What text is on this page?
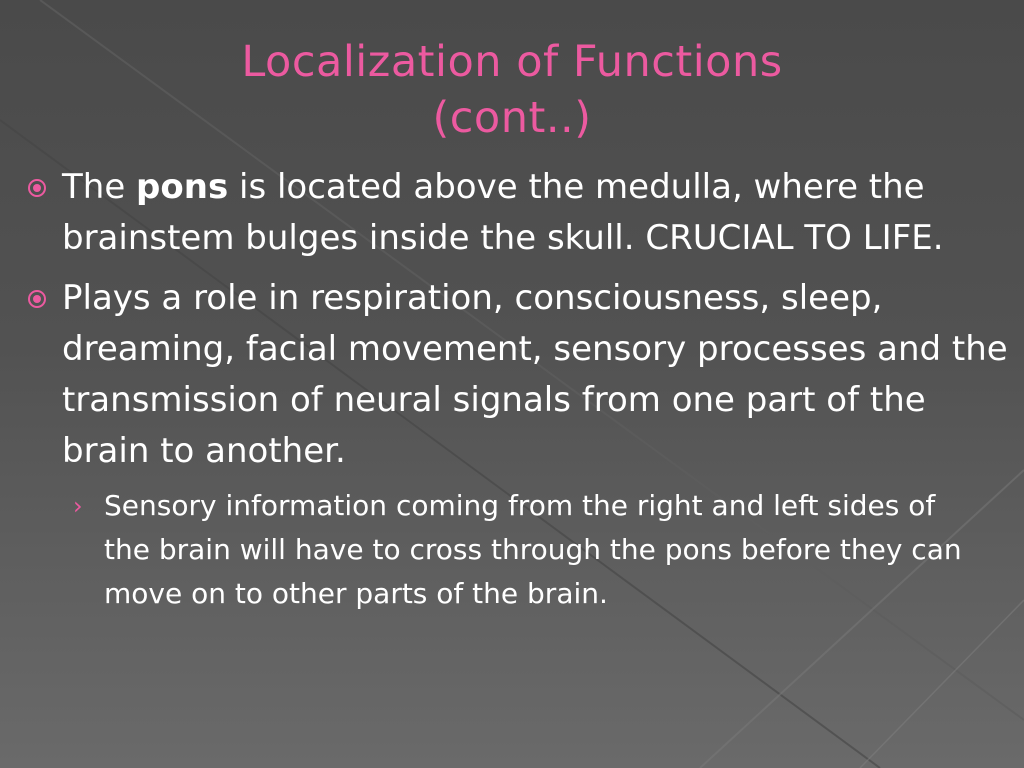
Localization of Functions
(cont..)
The pons is located above the medulla, where the brainstem bulges inside the skull. CRUCIAL TO LIFE.
Plays a role in respiration, consciousness, sleep, dreaming, facial movement, sensory processes and the transmission of neural signals from one part of the brain to another.
› Sensory information coming from the right and left sides of the brain will have to cross through the pons before they can move on to other parts of the brain.
